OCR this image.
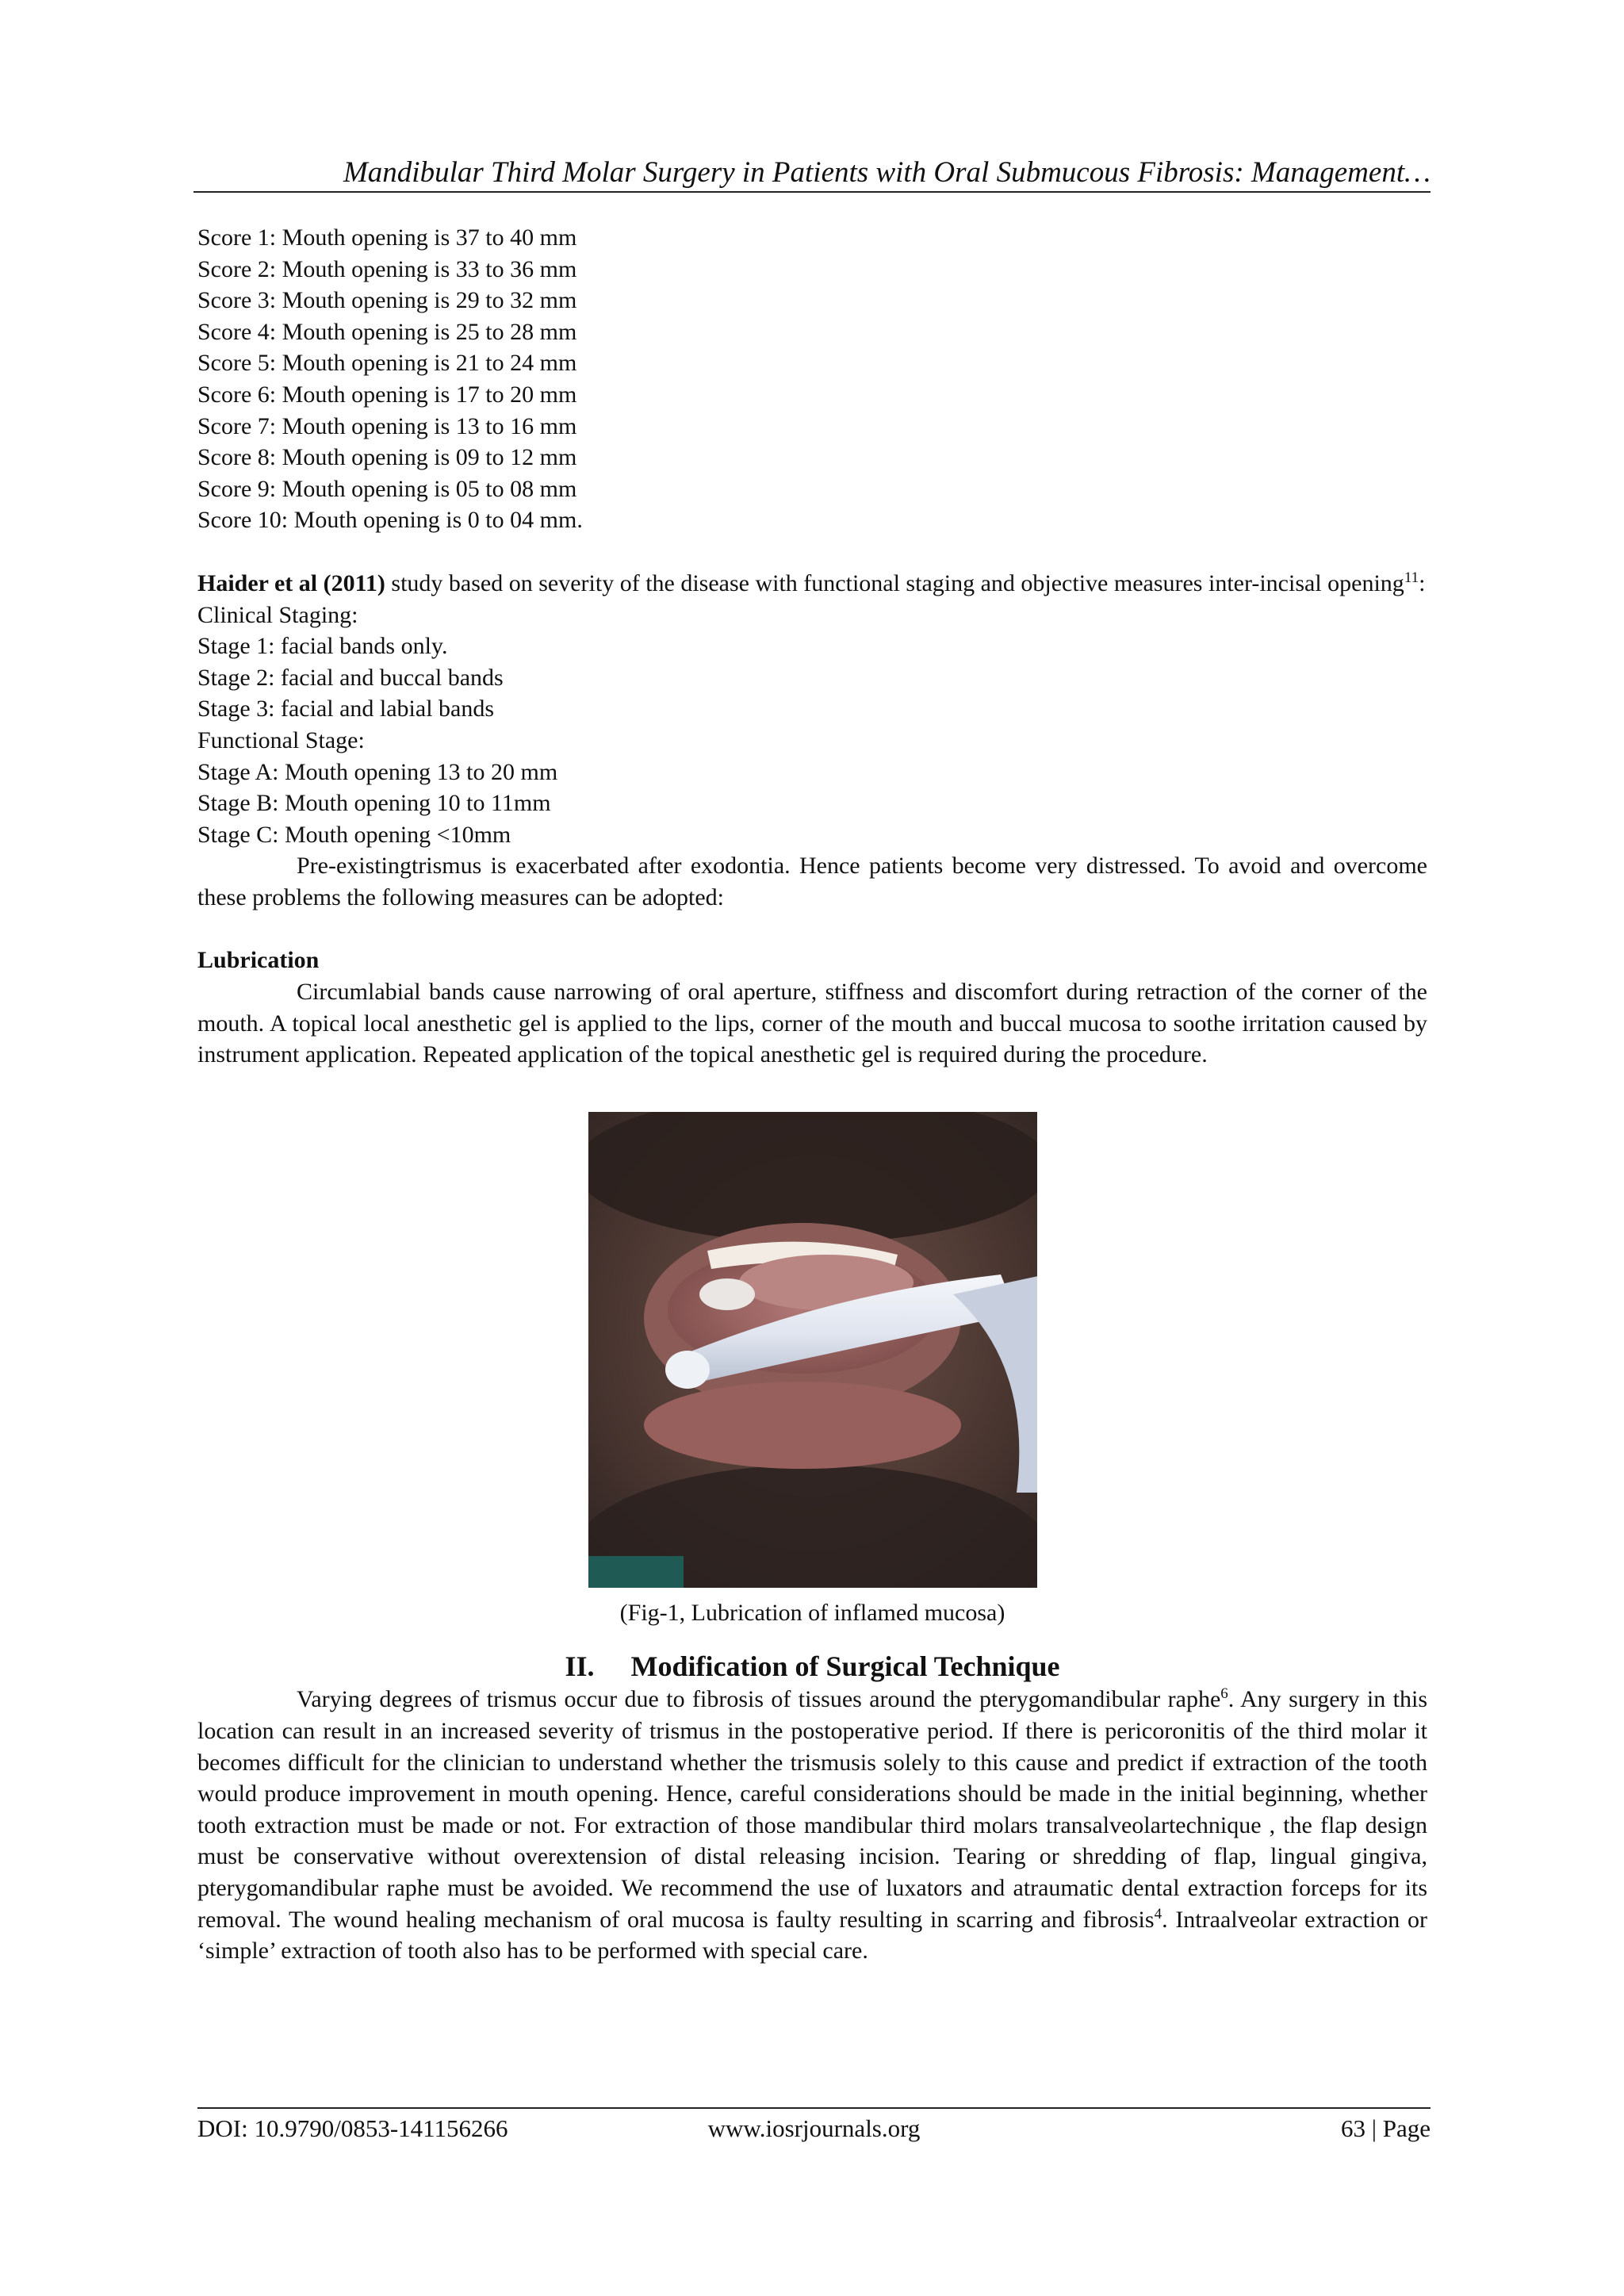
Mandibular Third Molar Surgery in Patients with Oral Submucous Fibrosis: Management…

Score 1: Mouth opening is 37 to 40 mm

Score 2: Mouth opening is 33 to 36 mm

Score 3: Mouth opening is 29 to 32 mm

Score 4: Mouth opening is 25 to 28 mm

Score 5: Mouth opening is 21 to 24 mm

Score 6: Mouth opening is 17 to 20 mm

Score 7: Mouth opening is 13 to 16 mm

Score 8: Mouth opening is 09 to 12 mm

Score 9: Mouth opening is 05 to 08 mm

Score 10: Mouth opening is 0 to 04 mm.

Haider et al (2011) study based on severity of the disease with functional staging and objective measures inter-incisal opening$^{11}$:

Clinical Staging:

Stage 1: facial bands only.

Stage 2: facial and buccal bands

Stage 3: facial and labial bands

Functional Stage:

Stage A: Mouth opening 13 to 20 mm

Stage B: Mouth opening 10 to 11mm

Stage C: Mouth opening <10mm

Pre-existingtrismus is exacerbated after exodontia. Hence patients become very distressed. To avoid and overcome these problems the following measures can be adopted:

Lubrication

Circumlabial bands cause narrowing of oral aperture, stiffness and discomfort during retraction of the corner of the mouth. A topical local anesthetic gel is applied to the lips, corner of the mouth and buccal mucosa to soothe irritation caused by instrument application. Repeated application of the topical anesthetic gel is required during the procedure.

(Fig-1, Lubrication of inflamed mucosa)

II. Modification of Surgical Technique

Varying degrees of trismus occur due to fibrosis of tissues around the pterygomandibular raphe$^6$. Any surgery in this location can result in an increased severity of trismus in the postoperative period. If there is pericoronitis of the third molar it becomes difficult for the clinician to understand whether the trismusis solely to this cause and predict if extraction of the tooth would produce improvement in mouth opening. Hence, careful considerations should be made in the initial beginning, whether tooth extraction must be made or not. For extraction of those mandibular third molars transalveolartechnique , the flap design must be conservative without overextension of distal releasing incision. Tearing or shredding of flap, lingual gingiva, pterygomandibular raphe must be avoided. We recommend the use of luxators and atraumatic dental extraction forceps for its removal. The wound healing mechanism of oral mucosa is faulty resulting in scarring and fibrosis$^4$. Intraalveolar extraction or ‘simple’ extraction of tooth also has to be performed with special care.

DOI: 10.9790/0853-141156266	www.iosrjournals.org	63 | Page
